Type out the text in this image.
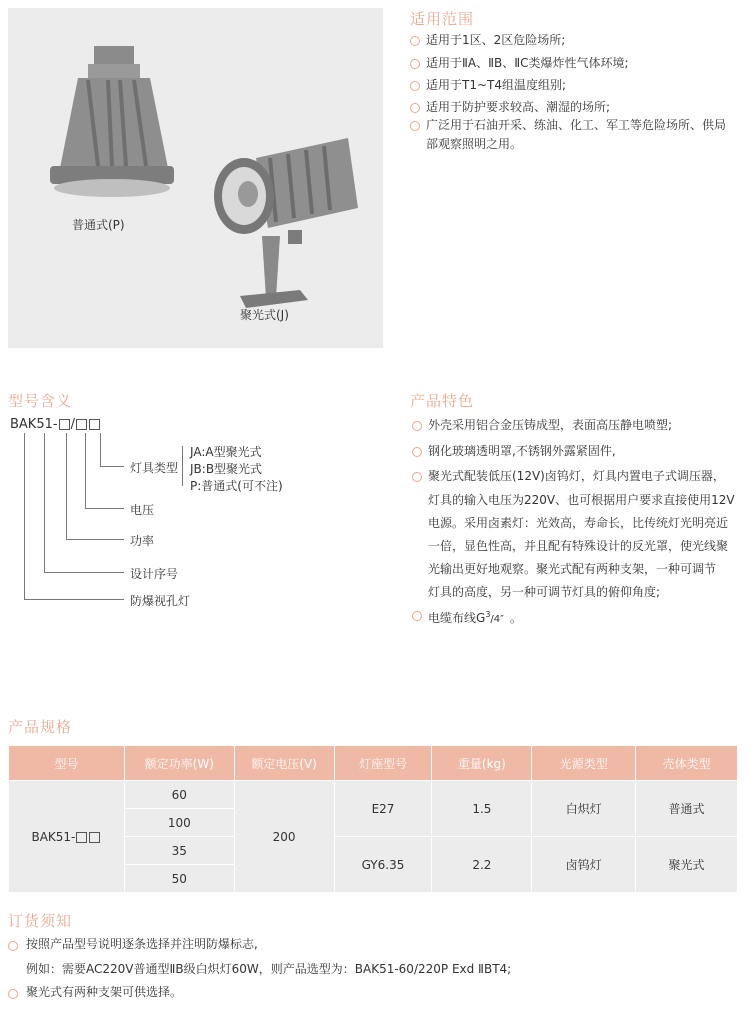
普通式(P)
聚光式(J)
适用范围
适用于1区、2区危险场所;
适用于ⅡA、ⅡB、ⅡC类爆炸性气体环境;
适用于T1~T4组温度组别;
适用于防护要求较高、潮湿的场所;
广泛用于石油开采、练油、化工、军工等危险场所、供局
部观察照明之用。
型号含义
BAK51- /
灯具类型
JA:A型聚光式
JB:B型聚光式
P:普通式(可不注)
电压
功率
设计序号
防爆视孔灯
产品特色
外壳采用铝合金压铸成型，表面高压静电喷塑;
钢化玻璃透明罩,不锈钢外露紧固件,
聚光式配装低压(12V)卤钨灯，灯具内置电子式调压器，
灯具的输入电压为220V、也可根据用户要求直接使用12V
电源。采用卤素灯：光效高，寿命长，比传统灯光明亮近
一倍，显色性高，并且配有特殊设计的反光罩，使光线聚
光输出更好地观察。聚光式配有两种支架，一种可调节
灯具的高度，另一种可调节灯具的俯仰角度;
电缆布线$G^3/4''$ 。
产品规格
型号	额定功率(W)	额定电压(V)	灯座型号	重量(kg)	光源类型	壳体类型
BAK51-	60	200	E27	1.5	白炽灯	普通式
	100					
	35		GY6.35	2.2	卤钨灯	聚光式
	50					
订货须知
按照产品型号说明逐条选择并注明防爆标志,
例如：需要AC220V普通型ⅡB级白炽灯60W，则产品选型为：BAK51-60/220P Exd ⅡBT4;
聚光式有两种支架可供选择。
